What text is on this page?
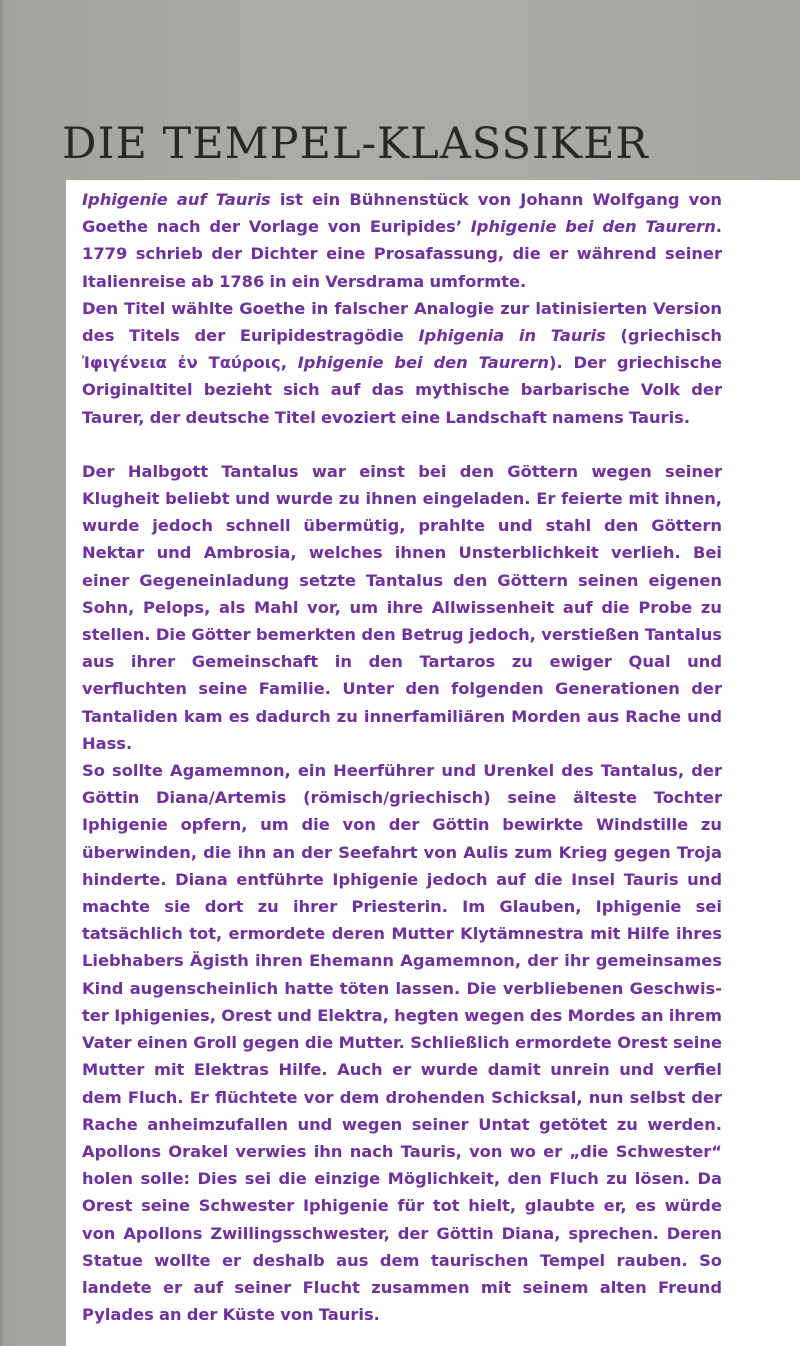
DIE TEMPEL-KLASSIKER

Iphigenie auf Tauris ist ein Bühnenstück von Johann Wolfgang von Goethe nach der Vorlage von Euripides’ Iphigenie bei den Taurern. 1779 schrieb der Dichter eine Prosafassung, die er während seiner Italienreise ab 1786 in ein Versdrama umformte.

Den Titel wählte Goethe in falscher Analogie zur latinisierten Version des Titels der Euripidestragödie Iphigenia in Tauris (griechisch Ἰφιγένεια ἐν Ταύροις, Iphigenie bei den Taurern). Der griechische Originaltitel bezieht sich auf das mythische barbarische Volk der Taurer, der deutsche Titel evoziert eine Landschaft namens Tauris.

Der Halbgott Tantalus war einst bei den Göttern wegen seiner Klugheit beliebt und wurde zu ihnen eingeladen. Er feierte mit ihnen, wurde jedoch schnell übermütig, prahlte und stahl den Göttern Nektar und Ambrosia, welches ihnen Unsterblichkeit verlieh. Bei einer Gegeneinladung setzte Tantalus den Göttern seinen eigenen Sohn, Pelops, als Mahl vor, um ihre Allwissenheit auf die Probe zu stellen. Die Götter bemerkten den Betrug jedoch, verstießen Tantalus aus ihrer Gemeinschaft in den Tartaros zu ewiger Qual und verfluchten seine Familie. Unter den folgenden Generationen der Tantaliden kam es dadurch zu innerfamiliären Morden aus Rache und Hass.

So sollte Agamemnon, ein Heerführer und Urenkel des Tantalus, der Göttin Diana/Artemis (römisch/griechisch) seine älteste Tochter Iphigenie opfern, um die von der Göttin bewirkte Windstille zu überwinden, die ihn an der Seefahrt von Aulis zum Krieg gegen Troja hinderte. Diana entführte Iphigenie jedoch auf die Insel Tauris und machte sie dort zu ihrer Priesterin. Im Glauben, Iphigenie sei tatsächlich tot, ermordete deren Mutter Klytämnestra mit Hilfe ihres Liebhabers Ägisth ihren Ehemann Agamemnon, der ihr gemeinsames Kind augenscheinlich hatte töten lassen. Die verbliebenen Geschwister Iphigenies, Orest und Elektra, hegten wegen des Mordes an ihrem Vater einen Groll gegen die Mutter. Schließlich ermordete Orest seine Mutter mit Elektras Hilfe. Auch er wurde damit unrein und verfiel dem Fluch. Er flüchtete vor dem drohenden Schicksal, nun selbst der Rache anheimzufallen und wegen seiner Untat getötet zu werden. Apollons Orakel verwies ihn nach Tauris, von wo er „die Schwester“ holen solle: Dies sei die einzige Möglichkeit, den Fluch zu lösen. Da Orest seine Schwester Iphigenie für tot hielt, glaubte er, es würde von Apollons Zwillingsschwester, der Göttin Diana, sprechen. Deren Statue wollte er deshalb aus dem taurischen Tempel rauben. So landete er auf seiner Flucht zusammen mit seinem alten Freund Pylades an der Küste von Tauris.
